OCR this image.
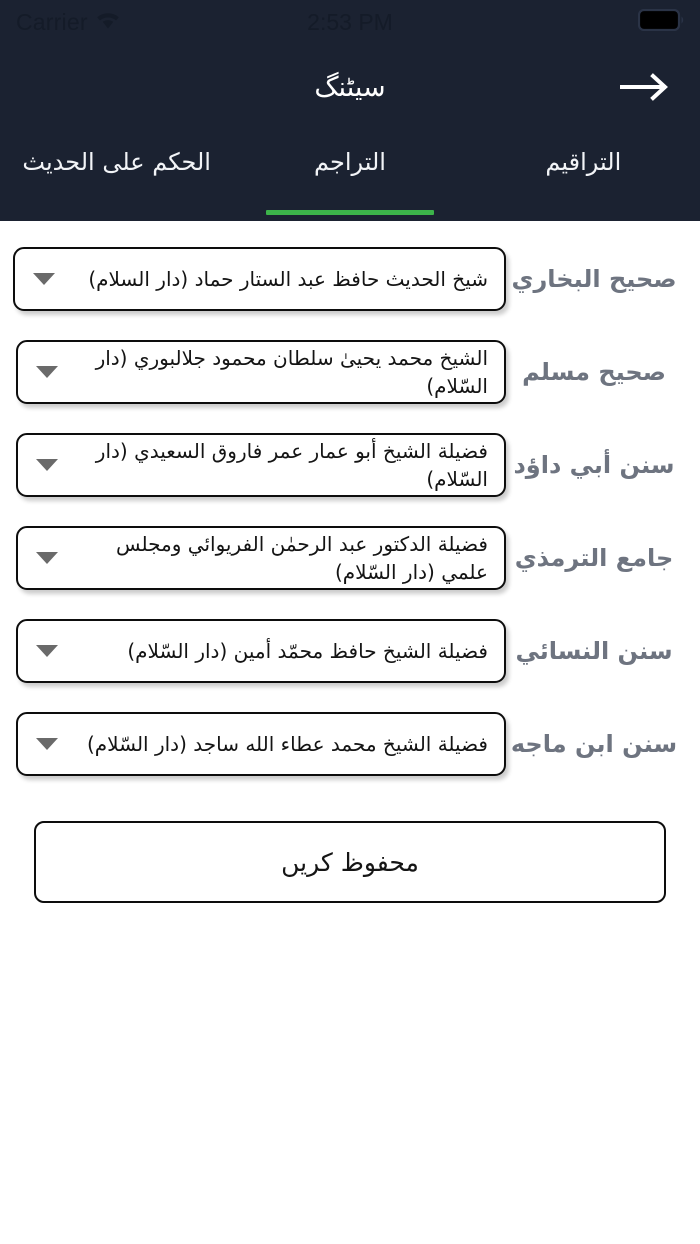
Carrier	2:53 PM
سیٹنگ
التراقيم
التراجم
الحكم على الحديث
صحيح البخاري
شيخ الحديث حافظ عبد الستار حماد (دار السلام)
صحيح مسلم
الشيخ محمد يحيىٰ سلطان محمود جلالبوري (دار السّلام)
سنن أبي داؤد
فضيلة الشيخ أبو عمار عمر فاروق السعيدي (دار السّلام)
جامع الترمذي
فضيلة الدكتور عبد الرحمٰن الفريوائي ومجلس علمي (دار السّلام)
سنن النسائي
فضيلة الشيخ حافظ محمّد أمين (دار السّلام)
سنن ابن ماجه
فضيلة الشيخ محمد عطاء الله ساجد (دار السّلام)
محفوظ کریں
